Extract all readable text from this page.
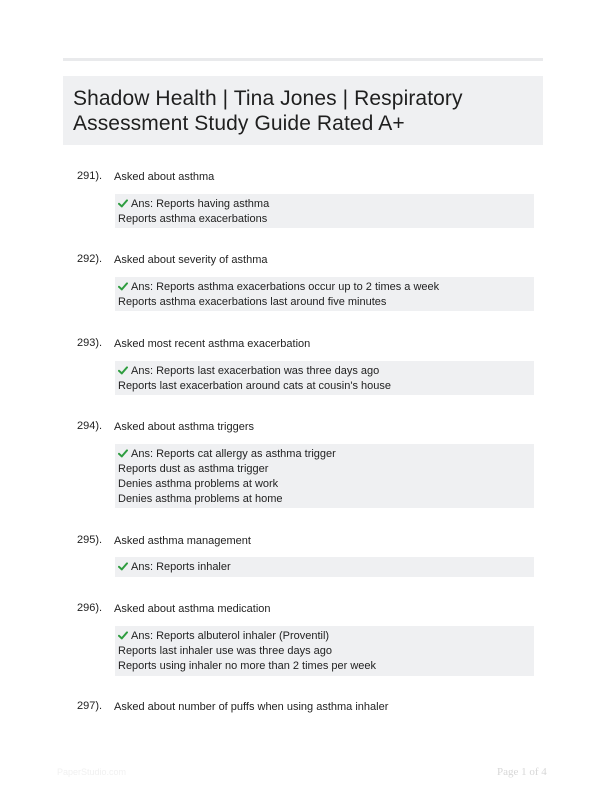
Shadow Health | Tina Jones | Respiratory Assessment Study Guide Rated A+
291). Asked about asthma
Ans: Reports having asthma
Reports asthma exacerbations
292). Asked about severity of asthma
Ans: Reports asthma exacerbations occur up to 2 times a week
Reports asthma exacerbations last around five minutes
293). Asked most recent asthma exacerbation
Ans: Reports last exacerbation was three days ago
Reports last exacerbation around cats at cousin's house
294). Asked about asthma triggers
Ans: Reports cat allergy as asthma trigger
Reports dust as asthma trigger
Denies asthma problems at work
Denies asthma problems at home
295). Asked asthma management
Ans: Reports inhaler
296). Asked about asthma medication
Ans: Reports albuterol inhaler (Proventil)
Reports last inhaler use was three days ago
Reports using inhaler no more than 2 times per week
297). Asked about number of puffs when using asthma inhaler
PaperStudio.com	Page 1 of 4
